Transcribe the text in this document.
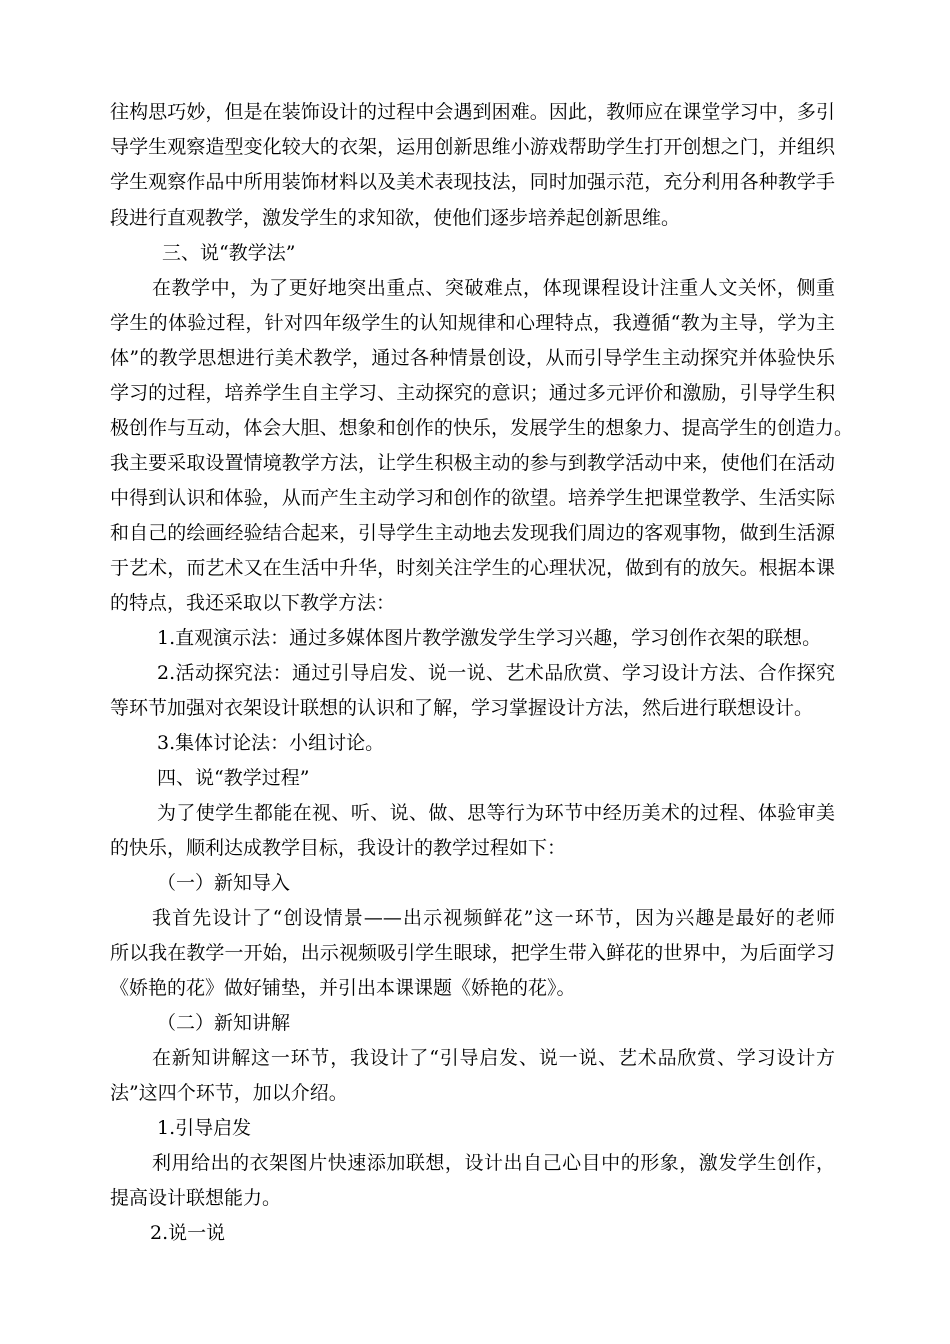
往构思巧妙，但是在装饰设计的过程中会遇到困难。因此，教师应在课堂学习中，多引
导学生观察造型变化较大的衣架，运用创新思维小游戏帮助学生打开创想之门，并组织
学生观察作品中所用装饰材料以及美术表现技法，同时加强示范，充分利用各种教学手
段进行直观教学，激发学生的求知欲，使他们逐步培养起创新思维。
三、说“教学法”
在教学中，为了更好地突出重点、突破难点，体现课程设计注重人文关怀，侧重
学生的体验过程，针对四年级学生的认知规律和心理特点，我遵循“教为主导，学为主
体”的教学思想进行美术教学，通过各种情景创设，从而引导学生主动探究并体验快乐
学习的过程，培养学生自主学习、主动探究的意识；通过多元评价和激励，引导学生积
极创作与互动，体会大胆、想象和创作的快乐，发展学生的想象力、提高学生的创造力。
我主要采取设置情境教学方法，让学生积极主动的参与到教学活动中来，使他们在活动
中得到认识和体验，从而产生主动学习和创作的欲望。培养学生把课堂教学、生活实际
和自己的绘画经验结合起来，引导学生主动地去发现我们周边的客观事物，做到生活源
于艺术，而艺术又在生活中升华，时刻关注学生的心理状况，做到有的放矢。根据本课
的特点，我还采取以下教学方法：
1.直观演示法：通过多媒体图片教学激发学生学习兴趣，学习创作衣架的联想。
2.活动探究法：通过引导启发、说一说、艺术品欣赏、学习设计方法、合作探究
等环节加强对衣架设计联想的认识和了解，学习掌握设计方法，然后进行联想设计。
3.集体讨论法：小组讨论。
四、说“教学过程”
为了使学生都能在视、听、说、做、思等行为环节中经历美术的过程、体验审美
的快乐，顺利达成教学目标，我设计的教学过程如下：
（一）新知导入
我首先设计了“创设情景——出示视频鲜花”这一环节，因为兴趣是最好的老师
所以我在教学一开始，出示视频吸引学生眼球，把学生带入鲜花的世界中，为后面学习
《娇艳的花》做好铺垫，并引出本课课题《娇艳的花》。
（二）新知讲解
在新知讲解这一环节，我设计了“引导启发、说一说、艺术品欣赏、学习设计方
法”这四个环节，加以介绍。
1.引导启发
利用给出的衣架图片快速添加联想，设计出自己心目中的形象，激发学生创作，
提高设计联想能力。
2.说一说
